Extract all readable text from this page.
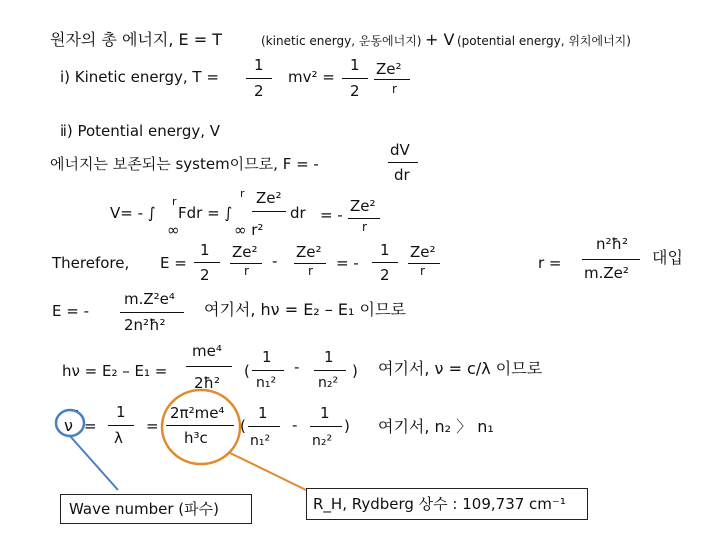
원자의 총 에너지, E = T	(kinetic energy, 운동에너지) + V (potential energy, 위치에너지)
ⅰ) Kinetic energy, T =
1
2
mv² =
1
2
Ze²
r
ⅱ) Potential energy, V
에너지는 보존되는 system이므로, F = -
dV
dr
V= - ∫
r
Fdr = ∫
∞
r Ze²
dr
∞ r²
= - Ze²
r
Therefore, E =
1
2
Ze²
r
- Ze²
r = -
1
2
Ze²
r	r =
n²ħ²
m.Ze²
대입
E = -
m.Z²e⁴
2n²ħ²
여기서, hν = E₂ – E₁ 이므로
hν = E₂ – E₁ =
me⁴
2ħ²
(
1
n₁²
-
1
n₂²
) 여기서, ν = c/λ 이므로
ν =
1
λ
=
2π²me⁴
h³c
(
1
n₁²
-
1
n₂²
) 여기서, n₂ 〉 n₁
Wave number (파수)	R_H, Rydberg 상수 : 109,737 cm⁻¹
